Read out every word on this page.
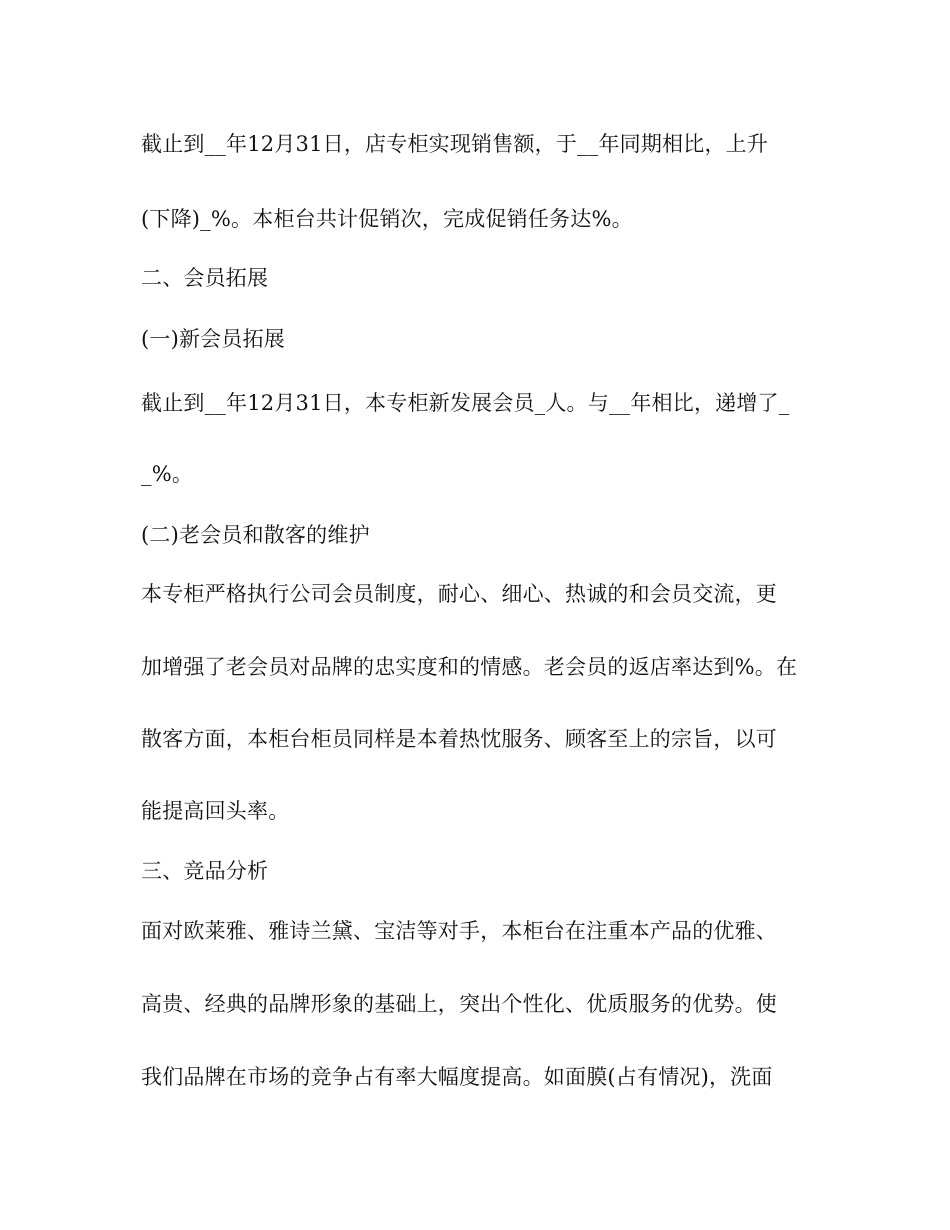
截止到__年12月31日，店专柜实现销售额，于__年同期相比，上升
(下降)_%。本柜台共计促销次，完成促销任务达%。
二、会员拓展
(一)新会员拓展
截止到__年12月31日，本专柜新发展会员_人。与__年相比，递增了_
_%。
(二)老会员和散客的维护
本专柜严格执行公司会员制度，耐心、细心、热诚的和会员交流，更
加增强了老会员对品牌的忠实度和的情感。老会员的返店率达到%。在
散客方面，本柜台柜员同样是本着热忱服务、顾客至上的宗旨，以可
能提高回头率。
三、竞品分析
面对欧莱雅、雅诗兰黛、宝洁等对手，本柜台在注重本产品的优雅、
高贵、经典的品牌形象的基础上，突出个性化、优质服务的优势。使
我们品牌在市场的竞争占有率大幅度提高。如面膜(占有情况)，洗面
